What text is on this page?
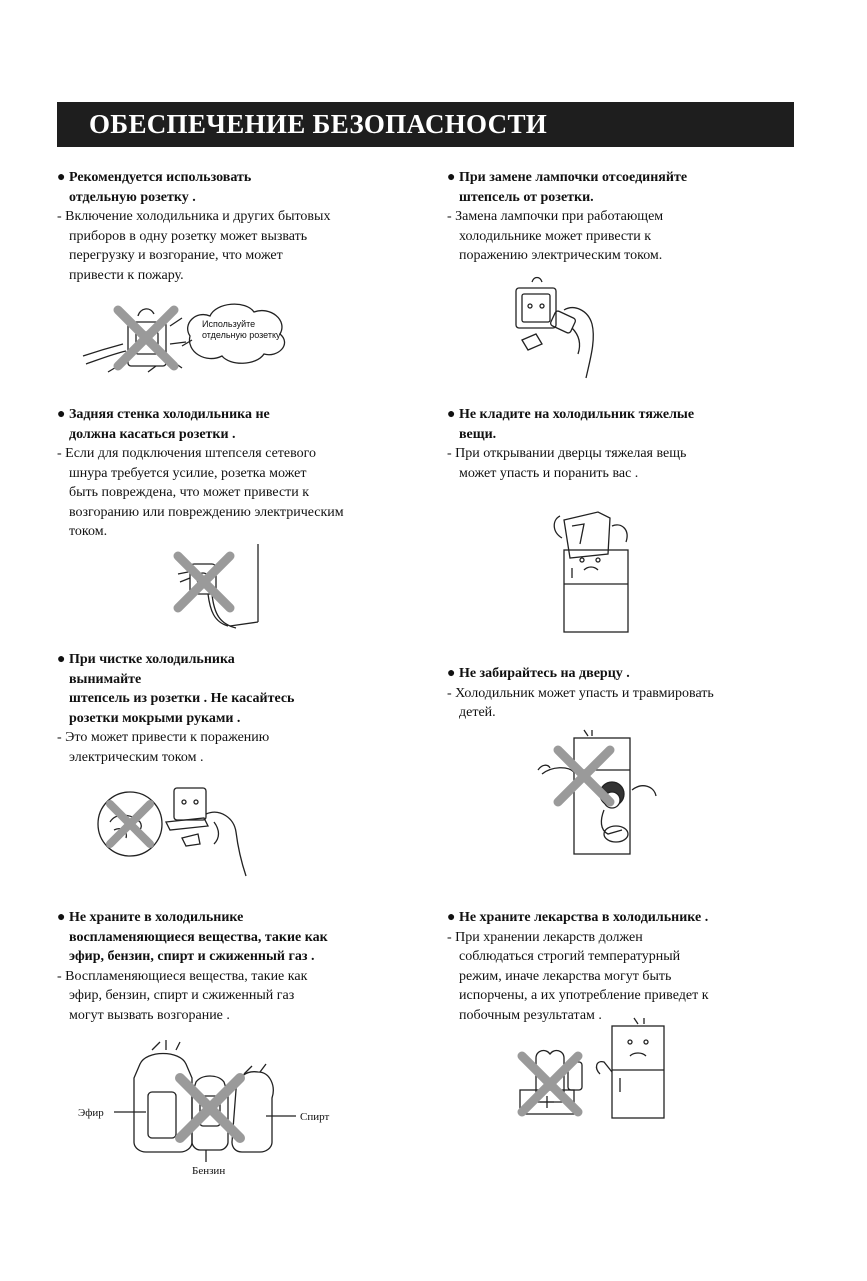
ОБЕСПЕЧЕНИЕ БЕЗОПАСНОСТИ
● Рекомендуется использовать
отдельную розетку .
- Включение холодильника и других бытовых
приборов в одну розетку может вызвать
перегрузку и возгорание, что может
привести к пожару.
● При замене лампочки отсоединяйте
штепсель от розетки.
- Замена лампочки при работающем
холодильнике может привести к
поражению электрическим током.
● Задняя стенка холодильника не
должна касаться розетки .
- Если для подключения штепселя сетевого
шнура требуется усилие, розетка может
быть повреждена, что может привести к
возгоранию или повреждению электрическим
током.
● Не кладите на холодильник тяжелые
вещи.
- При открывании дверцы тяжелая вещь
может упасть и поранить вас .
● При чистке холодильника
вынимайте
штепсель из розетки . Не касайтесь
розетки мокрыми руками .
- Это может привести к поражению
электрическим током .
● Не забирайтесь на дверцу .
- Холодильник может упасть и травмировать
детей.
● Не храните в холодильнике
воспламеняющиеся вещества, такие как
эфир, бензин, спирт и сжиженный газ .
- Воспламеняющиеся вещества, такие как
эфир, бензин, спирт и сжиженный газ
могут вызвать возгорание .
● Не храните лекарства в холодильнике .
- При хранении лекарств должен
соблюдаться строгий температурный
режим, иначе лекарства могут быть
испорчены, а их употребление приведет к
побочным результатам .
Используйте
отдельную розетку
Эфир	Спирт
Бензин
